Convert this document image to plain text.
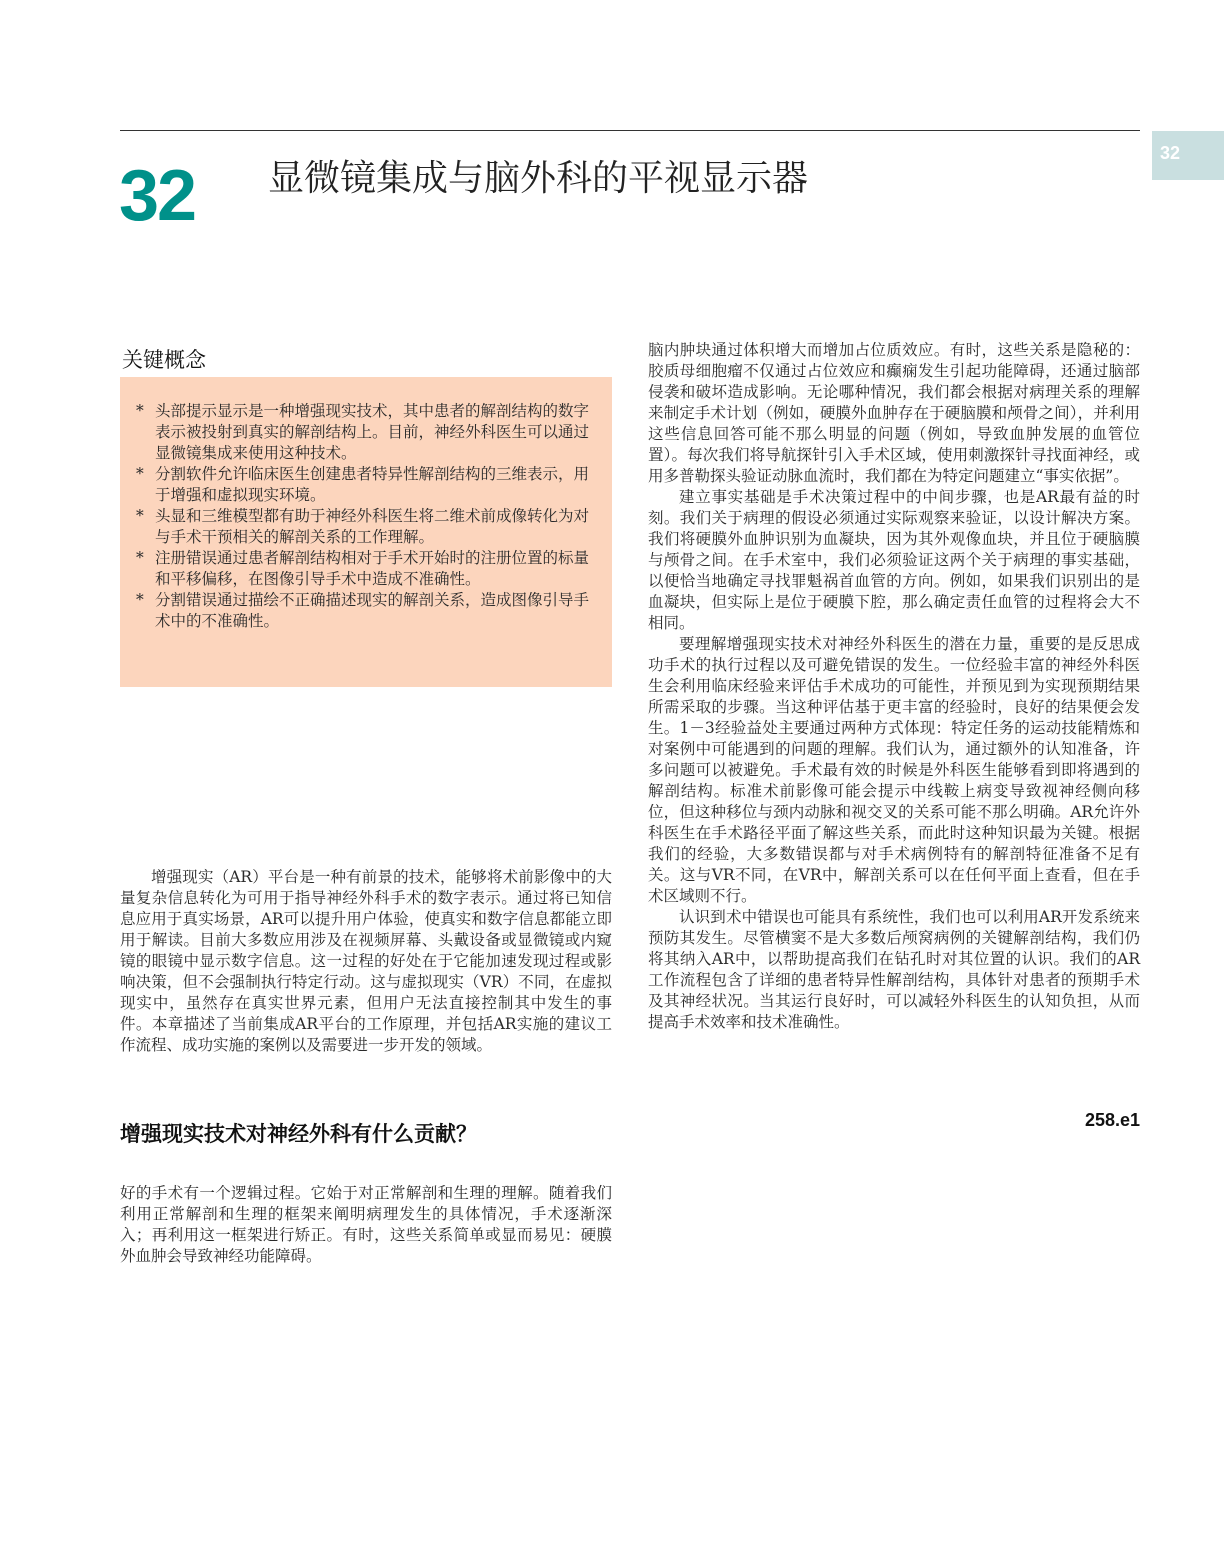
32
32 显微镜集成与脑外科的平视显示器
关键概念
* 头部提示显示是一种增强现实技术，其中患者的解剖结构的数字表示被投射到真实的解剖结构上。目前，神经外科医生可以通过显微镜集成来使用这种技术。
* 分割软件允许临床医生创建患者特异性解剖结构的三维表示，用于增强和虚拟现实环境。
* 头显和三维模型都有助于神经外科医生将二维术前成像转化为对与手术干预相关的解剖关系的工作理解。
* 注册错误通过患者解剖结构相对于手术开始时的注册位置的标量和平移偏移，在图像引导手术中造成不准确性。
* 分割错误通过描绘不正确描述现实的解剖关系，造成图像引导手术中的不准确性。

增强现实（AR）平台是一种有前景的技术，能够将术前影像中的大量复杂信息转化为可用于指导神经外科手术的数字表示。通过将已知信息应用于真实场景，AR可以提升用户体验，使真实和数字信息都能立即用于解读。目前大多数应用涉及在视频屏幕、头戴设备或显微镜或内窥镜的眼镜中显示数字信息。这一过程的好处在于它能加速发现过程或影响决策，但不会强制执行特定行动。这与虚拟现实（VR）不同，在虚拟现实中，虽然存在真实世界元素，但用户无法直接控制其中发生的事件。本章描述了当前集成AR平台的工作原理，并包括AR实施的建议工作流程、成功实施的案例以及需要进一步开发的领域。

增强现实技术对神经外科有什么贡献？

好的手术有一个逻辑过程。它始于对正常解剖和生理的理解。随着我们利用正常解剖和生理的框架来阐明病理发生的具体情况，手术逐渐深入；再利用这一框架进行矫正。有时，这些关系简单或显而易见：硬膜外血肿会导致神经功能障碍。

脑内肿块通过体积增大而增加占位质效应。有时，这些关系是隐秘的：胶质母细胞瘤不仅通过占位效应和癫痫发生引起功能障碍，还通过脑部侵袭和破坏造成影响。无论哪种情况，我们都会根据对病理关系的理解来制定手术计划（例如，硬膜外血肿存在于硬脑膜和颅骨之间），并利用这些信息回答可能不那么明显的问题（例如，导致血肿发展的血管位置）。每次我们将导航探针引入手术区域，使用刺激探针寻找面神经，或用多普勒探头验证动脉血流时，我们都在为特定问题建立“事实依据”。

建立事实基础是手术决策过程中的中间步骤，也是AR最有益的时刻。我们关于病理的假设必须通过实际观察来验证，以设计解决方案。我们将硬膜外血肿识别为血凝块，因为其外观像血块，并且位于硬脑膜与颅骨之间。在手术室中，我们必须验证这两个关于病理的事实基础，以便恰当地确定寻找罪魁祸首血管的方向。例如，如果我们识别出的是血凝块，但实际上是位于硬膜下腔，那么确定责任血管的过程将会大不相同。

要理解增强现实技术对神经外科医生的潜在力量，重要的是反思成功手术的执行过程以及可避免错误的发生。一位经验丰富的神经外科医生会利用临床经验来评估手术成功的可能性，并预见到为实现预期结果所需采取的步骤。当这种评估基于更丰富的经验时，良好的结果便会发生。1－3经验益处主要通过两种方式体现：特定任务的运动技能精炼和对案例中可能遇到的问题的理解。我们认为，通过额外的认知准备，许多问题可以被避免。手术最有效的时候是外科医生能够看到即将遇到的解剖结构。标准术前影像可能会提示中线鞍上病变导致视神经侧向移位，但这种移位与颈内动脉和视交叉的关系可能不那么明确。AR允许外科医生在手术路径平面了解这些关系，而此时这种知识最为关键。根据我们的经验，大多数错误都与对手术病例特有的解剖特征准备不足有关。这与VR不同，在VR中，解剖关系可以在任何平面上查看，但在手术区域则不行。

认识到术中错误也可能具有系统性，我们也可以利用AR开发系统来预防其发生。尽管横窦不是大多数后颅窝病例的关键解剖结构，我们仍将其纳入AR中，以帮助提高我们在钻孔时对其位置的认识。我们的AR工作流程包含了详细的患者特异性解剖结构，具体针对患者的预期手术及其神经状况。当其运行良好时，可以减轻外科医生的认知负担，从而提高手术效率和技术准确性。

258.e1
